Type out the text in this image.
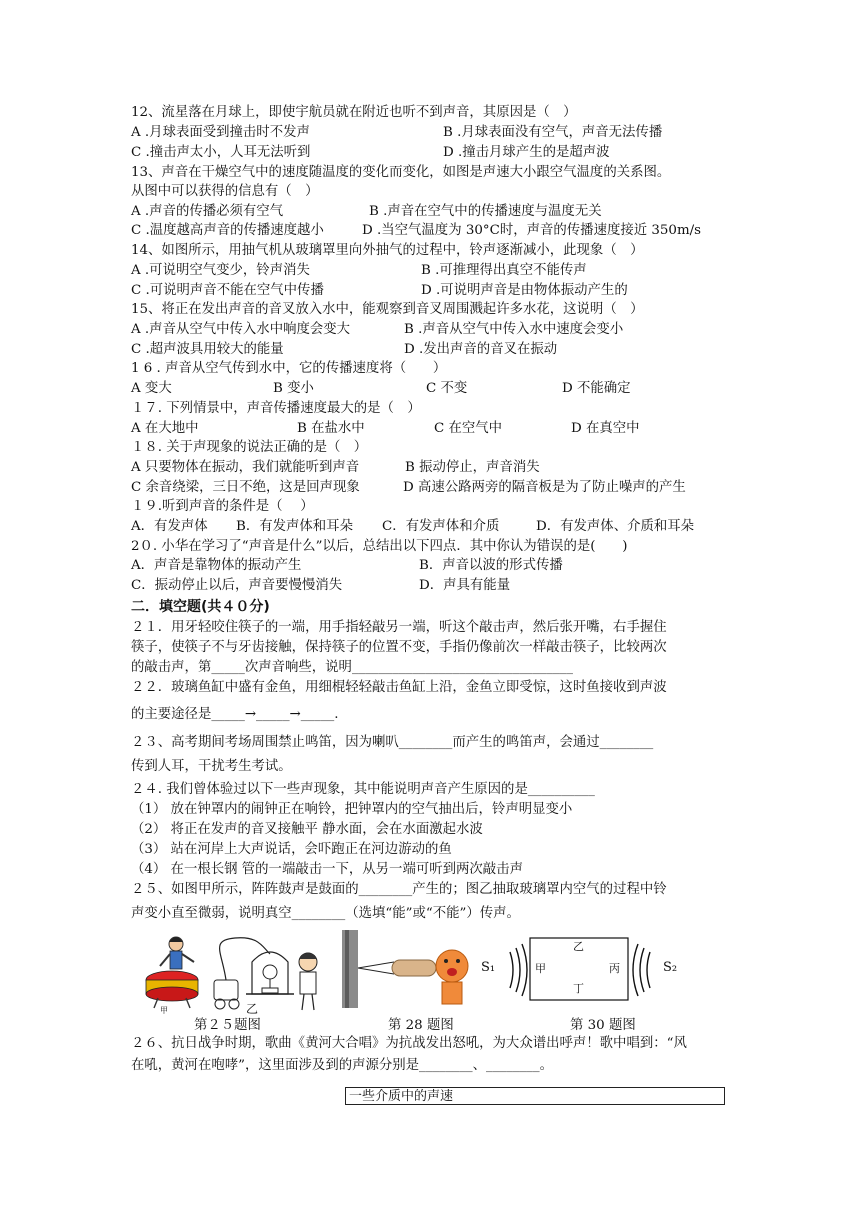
12、流星落在月球上，即使宇航员就在附近也听不到声音，其原因是（　）
A .月球表面受到撞击时不发声	B .月球表面没有空气，声音无法传播
C .撞击声太小，人耳无法听到	D .撞击月球产生的是超声波
13、声音在干燥空气中的速度随温度的变化而变化，如图是声速大小跟空气温度的关系图。
从图中可以获得的信息有（　）
A .声音的传播必须有空气	B .声音在空气中的传播速度与温度无关
C .温度越高声音的传播速度越小	D .当空气温度为 30°C时，声音的传播速度接近 350m/s
14、如图所示，用抽气机从玻璃罩里向外抽气的过程中，铃声逐渐减小，此现象（　）
A .可说明空气变少，铃声消失	B .可推理得出真空不能传声
C .可说明声音不能在空气中传播	D .可说明声音是由物体振动产生的
15、将正在发出声音的音叉放入水中，能观察到音叉周围溅起许多水花，这说明（　）
A .声音从空气中传入水中响度会变大	B .声音从空气中传入水中速度会变小
C .超声波具用较大的能量	D .发出声音的音叉在振动
1 6 . 声音从空气传到水中，它的传播速度将（　　）
A 变大	B 变小	C 不变	D 不能确定
１７. 下列情景中，声音传播速度最大的是（　）
A 在大地中	B 在盐水中	C 在空气中	D 在真空中
１８. 关于声现象的说法正确的是（　）
A 只要物体在振动，我们就能听到声音	B 振动停止，声音消失
C 余音绕梁，三日不绝，这是回声现象	D 高速公路两旁的隔音板是为了防止噪声的产生
１９.听到声音的条件是（　 ）
A．有发声体 B．有发声体和耳朵 C．有发声体和介质	D．有发声体、介质和耳朵
2０. 小华在学习了“声音是什么”以后，总结出以下四点．其中你认为错误的是(　　)
A．声音是靠物体的振动产生	B．声音以波的形式传播
C．振动停止以后，声音要慢慢消失	D．声具有能量
二．填空题(共４０分)
２１．用牙轻咬住筷子的一端，用手指轻敲另一端，听这个敲击声，然后张开嘴，右手握住
筷子，使筷子不与牙齿接触，保持筷子的位置不变，手指仍像前次一样敲击筷子，比较两次
的敲击声，第_____次声音响些，说明_________________________________
２２．玻璃鱼缸中盛有金鱼，用细棍轻轻敲击鱼缸上沿，金鱼立即受惊，这时鱼接收到声波
的主要途径是_____→_____→_____.
２３、高考期间考场周围禁止鸣笛，因为喇叭________而产生的鸣笛声，会通过________
传到人耳，干扰考生考试。
２４. 我们曾体验过以下一些声现象，其中能说明声音产生原因的是__________
（1） 放在钟罩内的闹钟正在响铃，把钟罩内的空气抽出后，铃声明显变小
（2） 将正在发声的音叉接触平 静水面，会在水面激起水波
（3） 站在河岸上大声说话，会吓跑正在河边游动的鱼
（4） 在一根长钢 管的一端敲击一下，从另一端可听到两次敲击声
２５、如图甲所示，阵阵鼓声是鼓面的________产生的；图乙抽取玻璃罩内空气的过程中铃
声变小直至微弱，说明真空________（选填“能”或“不能”）传声。
甲	乙
S₁	S₂
甲
乙
丁
丙
第２５题图	第 28 题图	第 30 题图
２６、抗日战争时期，歌曲《黄河大合唱》为抗战发出怒吼，为大众谱出呼声！歌中唱到：“风
在吼，黄河在咆哮”，这里面涉及到的声源分别是________、________。
一些介质中的声速
